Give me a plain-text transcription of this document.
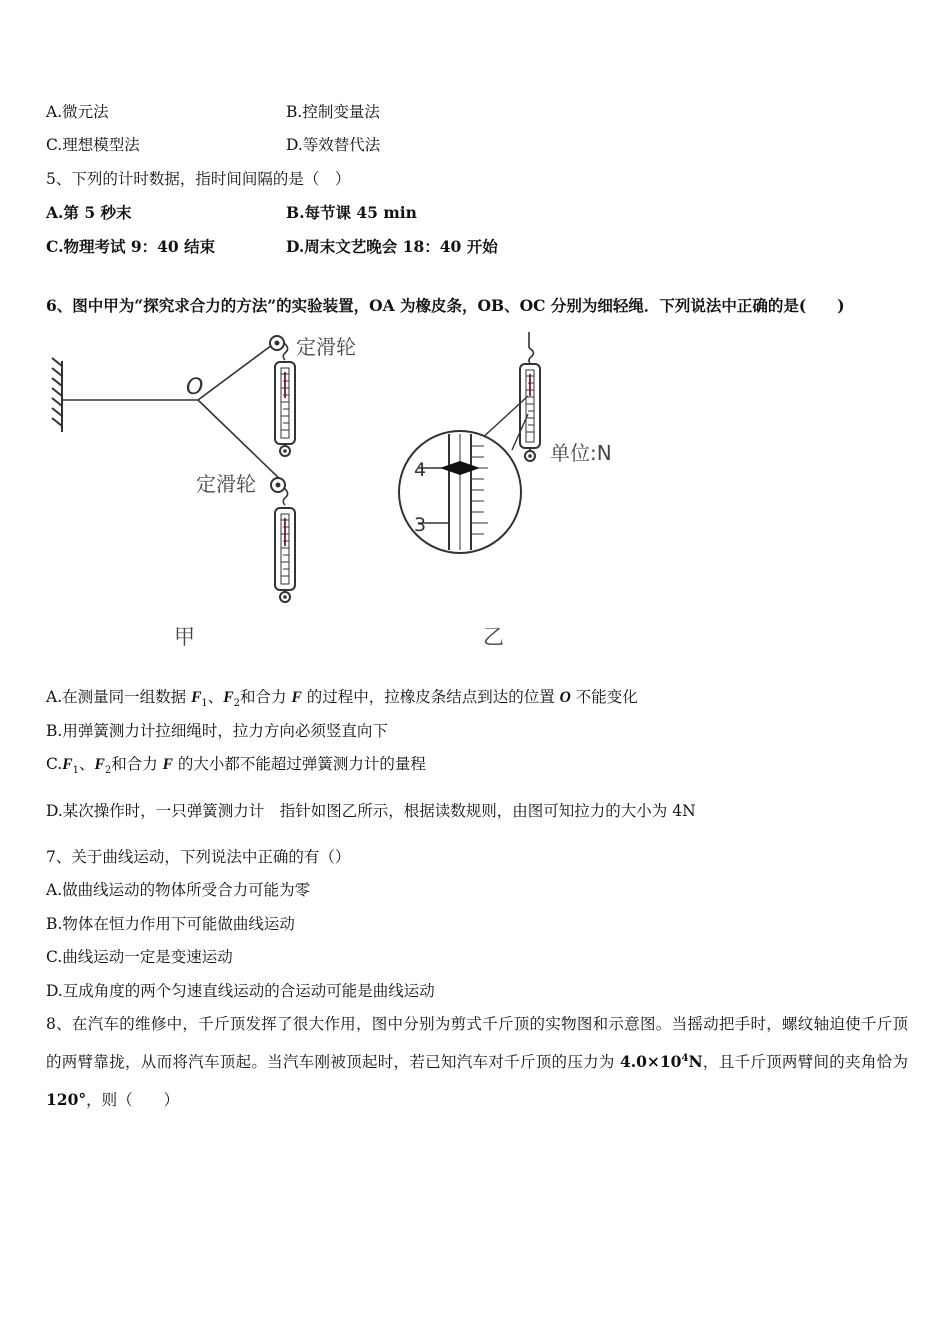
A.微元法	B.控制变量法
C.理想模型法	D.等效替代法
5、下列的计时数据，指时间间隔的是（　）
A.第 5 秒末	B.每节课 45 min
C.物理考试 9：40 结束	D.周末文艺晚会 18：40 开始
6、图中甲为“探究求合力的方法”的实验装置，OA 为橡皮条，OB、OC 分别为细轻绳．下列说法中正确的是(　　)
O
定滑轮
定滑轮
甲
单位:N
4
3
乙
A.在测量同一组数据 $F_1$、$F_2$和合力 F 的过程中，拉橡皮条结点到达的位置 O 不能变化
B.用弹簧测力计拉细绳时，拉力方向必须竖直向下
$C.F_1$、$F_2$和合力 F 的大小都不能超过弹簧测力计的量程
D.某次操作时，一只弹簧测力计　指针如图乙所示，根据读数规则，由图可知拉力的大小为 4N
7、关于曲线运动，下列说法中正确的有（）
A.做曲线运动的物体所受合力可能为零
B.物体在恒力作用下可能做曲线运动
C.曲线运动一定是变速运动
D.互成角度的两个匀速直线运动的合运动可能是曲线运动
8、在汽车的维修中，千斤顶发挥了很大作用，图中分别为剪式千斤顶的实物图和示意图。当摇动把手时，螺纹轴迫使千斤顶的两臂靠拢，从而将汽车顶起。当汽车刚被顶起时，若已知汽车对千斤顶的压力为 $4.0\times 10^4N$，且千斤顶两臂间的夹角恰为 120°，则（　　）
